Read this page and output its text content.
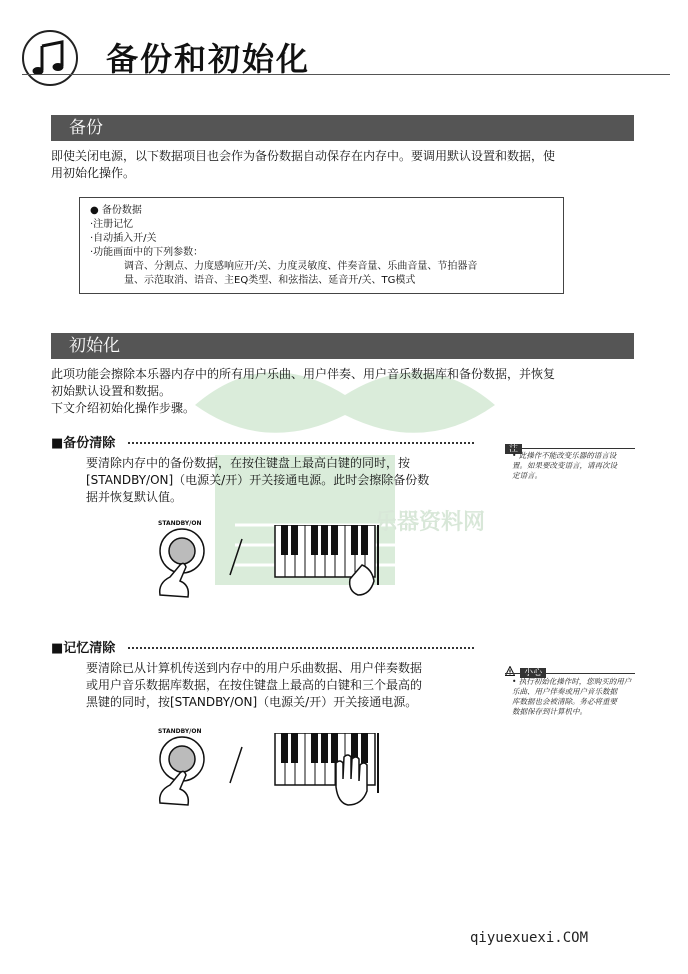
备份和初始化
乐器资料网
备份
即使关闭电源，以下数据项目也会作为备份数据自动保存在内存中。要调用默认设置和数据，使
用初始化操作。
● 备份数据
·注册记忆
·自动插入开/关
·功能画面中的下列参数：
调音、分割点、力度感响应开/关、力度灵敏度、伴奏音量、乐曲音量、节拍器音
量、示范取消、语音、主EQ类型、和弦指法、延音开/关、TG模式
初始化
此项功能会擦除本乐器内存中的所有用户乐曲、用户伴奏、用户音乐数据库和备份数据，并恢复
初始默认设置和数据。
下文介绍初始化操作步骤。
■备份清除
要清除内存中的备份数据，在按住键盘上最高白键的同时，按
[STANDBY/ON]（电源关/开）开关接通电源。此时会擦除备份数
据并恢复默认值。
注
• 此操作不能改变乐器的语言设
置。如果要改变语言，请再次设
定语言。
STANDBY/ON
■记忆清除
要清除已从计算机传送到内存中的用户乐曲数据、用户伴奏数据
或用户音乐数据库数据，在按住键盘上最高的白键和三个最高的
黑键的同时，按[STANDBY/ON]（电源关/开）开关接通电源。
小心
• 执行初始化操作时，您购买的用户
乐曲、用户伴奏或用户音乐数据
库数据也会被清除。务必将重要
数据保存到计算机中。
STANDBY/ON
qiyuexuexi.COM
